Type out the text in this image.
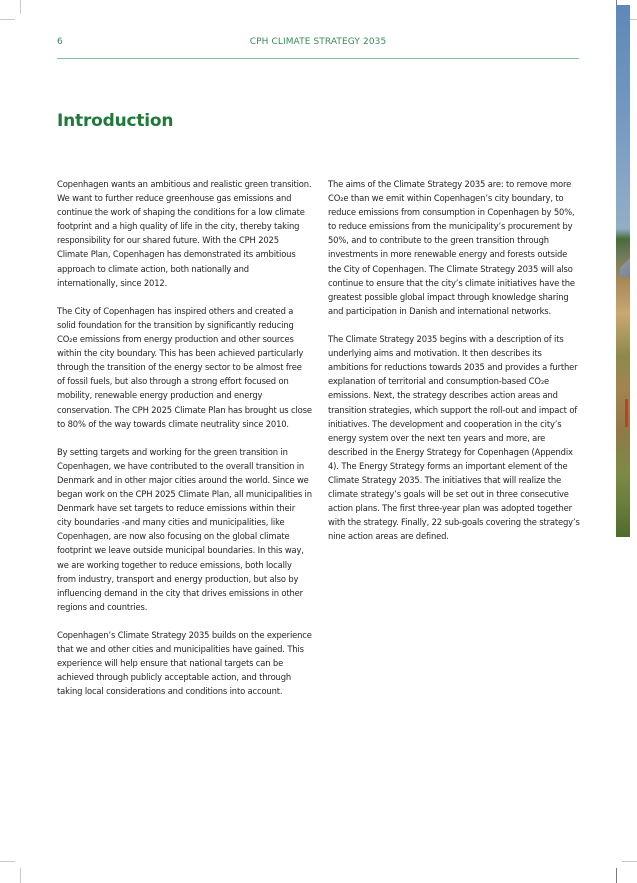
6	CPH CLIMATE STRATEGY 2035
Introduction

Copenhagen wants an ambitious and realistic green transition. We want to further reduce greenhouse gas emissions and continue the work of shaping the conditions for a low climate footprint and a high quality of life in the city, thereby taking responsibility for our shared future. With the CPH 2025 Climate Plan, Copenhagen has demonstrated its ambitious approach to climate action, both nationally and internationally, since 2012.

The City of Copenhagen has inspired others and created a solid foundation for the transition by significantly reducing CO₂e emissions from energy production and other sources within the city boundary. This has been achieved particularly through the transition of the energy sector to be almost free of fossil fuels, but also through a strong effort focused on mobility, renewable energy production and energy conservation. The CPH 2025 Climate Plan has brought us close to 80% of the way towards climate neutrality since 2010.

By setting targets and working for the green transition in Copenhagen, we have contributed to the overall transition in Denmark and in other major cities around the world. Since we began work on the CPH 2025 Climate Plan, all municipalities in Denmark have set targets to reduce emissions within their city boundaries -and many cities and municipalities, like Copenhagen, are now also focusing on the global climate footprint we leave outside municipal boundaries. In this way, we are working together to reduce emissions, both locally from industry, transport and energy production, but also by influencing demand in the city that drives emissions in other regions and countries.

Copenhagen’s Climate Strategy 2035 builds on the experience that we and other cities and municipalities have gained. This experience will help ensure that national targets can be achieved through publicly acceptable action, and through taking local considerations and conditions into account.

The aims of the Climate Strategy 2035 are: to remove more CO₂e than we emit within Copenhagen’s city boundary, to reduce emissions from consumption in Copenhagen by 50%, to reduce emissions from the municipality’s procurement by 50%, and to contribute to the green transition through investments in more renewable energy and forests outside the City of Copenhagen. The Climate Strategy 2035 will also continue to ensure that the city’s climate initiatives have the greatest possible global impact through knowledge sharing and participation in Danish and international networks.

The Climate Strategy 2035 begins with a description of its underlying aims and motivation. It then describes its ambitions for reductions towards 2035 and provides a further explanation of territorial and consumption-based CO₂e emissions. Next, the strategy describes action areas and transition strategies, which support the roll-out and impact of initiatives. The development and cooperation in the city’s energy system over the next ten years and more, are described in the Energy Strategy for Copenhagen (Appendix 4). The Energy Strategy forms an important element of the Climate Strategy 2035. The initiatives that will realize the climate strategy’s goals will be set out in three consecutive action plans. The first three-year plan was adopted together with the strategy. Finally, 22 sub-goals covering the strategy’s nine action areas are defined.
